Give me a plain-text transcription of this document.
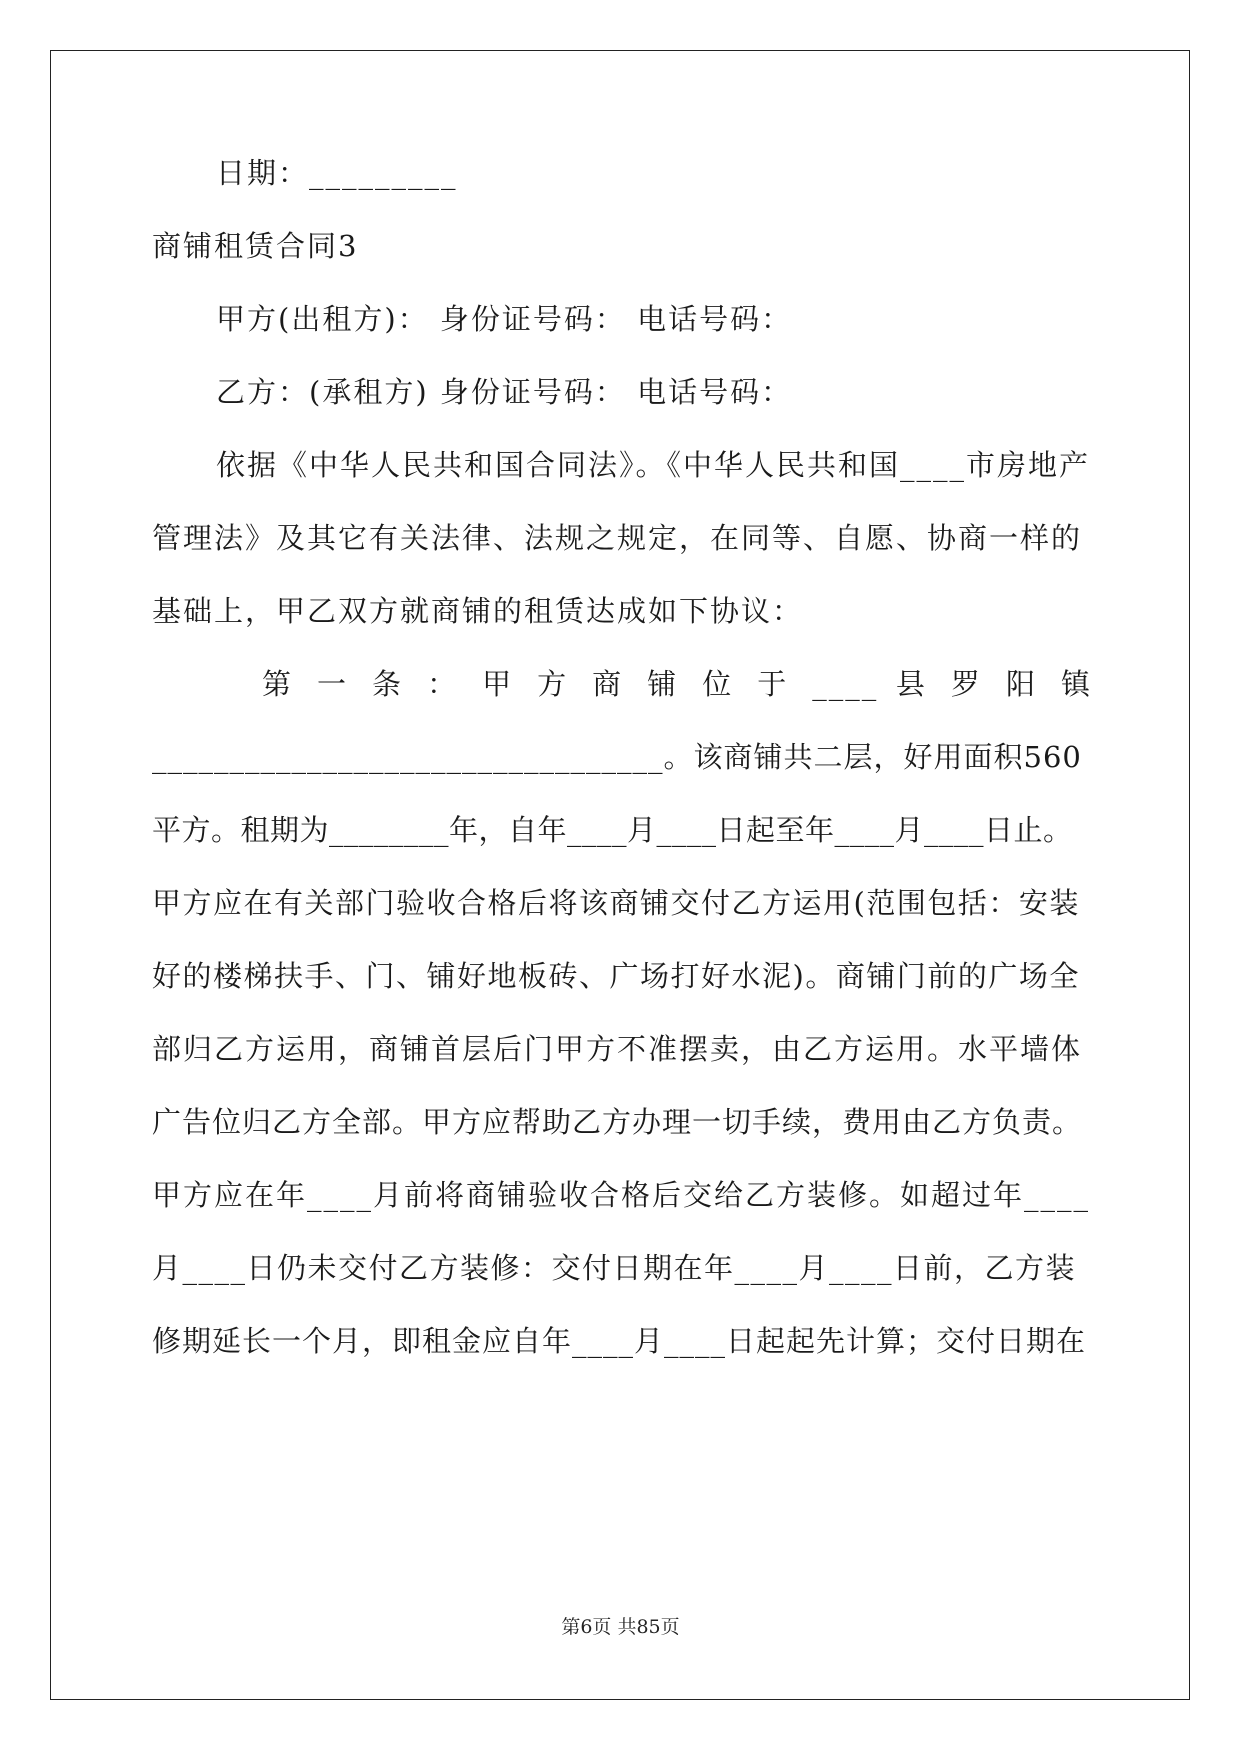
日期：_________
商铺租赁合同3
甲方(出租方)： 身份证号码： 电话号码：
乙方：(承租方) 身份证号码： 电话号码：
依据《中华人民共和国合同法》。《中华人民共和国____市房地产
管理法》及其它有关法律、法规之规定，在同等、自愿、协商一样的
基础上，甲乙双方就商铺的租赁达成如下协议：
第 一 条 ： 甲 方 商 铺 位 于 ____ 县 罗 阳 镇
_________________________________。该商铺共二层，好用面积560
平方。租期为________年，自年____月____日起至年____月____日止。
甲方应在有关部门验收合格后将该商铺交付乙方运用(范围包括：安装
好的楼梯扶手、门、铺好地板砖、广场打好水泥)。商铺门前的广场全
部归乙方运用，商铺首层后门甲方不准摆卖，由乙方运用。水平墙体
广告位归乙方全部。甲方应帮助乙方办理一切手续，费用由乙方负责。
甲方应在年____月前将商铺验收合格后交给乙方装修。如超过年____
月____日仍未交付乙方装修：交付日期在年____月____日前，乙方装
修期延长一个月，即租金应自年____月____日起起先计算；交付日期在
第6页 共85页
